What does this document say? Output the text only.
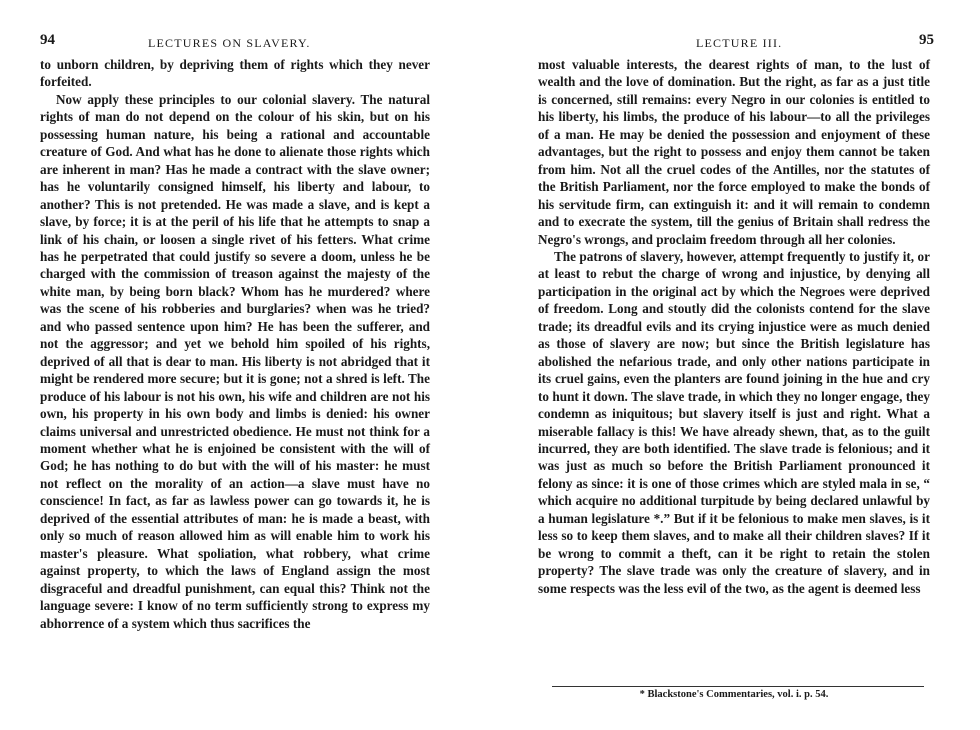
94	LECTURES ON SLAVERY.

to unborn children, by depriving them of rights which they never forfeited.

Now apply these principles to our colonial slavery. The natural rights of man do not depend on the colour of his skin, but on his possessing human nature, his being a rational and accountable creature of God. And what has he done to alienate those rights which are inherent in man? Has he made a contract with the slave owner; has he voluntarily consigned himself, his liberty and labour, to another? This is not pretended. He was made a slave, and is kept a slave, by force; it is at the peril of his life that he attempts to snap a link of his chain, or loosen a single rivet of his fetters. What crime has he perpetrated that could justify so severe a doom, unless he be charged with the commission of treason against the majesty of the white man, by being born black? Whom has he murdered? where was the scene of his robberies and burglaries? when was he tried? and who passed sentence upon him? He has been the sufferer, and not the aggressor; and yet we behold him spoiled of his rights, deprived of all that is dear to man. His liberty is not abridged that it might be rendered more secure; but it is gone; not a shred is left. The produce of his labour is not his own, his wife and children are not his own, his property in his own body and limbs is denied: his owner claims universal and unrestricted obedience. He must not think for a moment whether what he is enjoined be consistent with the will of God; he has nothing to do but with the will of his master: he must not reflect on the morality of an action—a slave must have no conscience! In fact, as far as lawless power can go towards it, he is deprived of the essential attributes of man: he is made a beast, with only so much of reason allowed him as will enable him to work his master's pleasure. What spoliation, what robbery, what crime against property, to which the laws of England assign the most disgraceful and dreadful punishment, can equal this? Think not the language severe: I know of no term sufficiently strong to express my abhorrence of a system which thus sacrifices the

LECTURE III.	95

most valuable interests, the dearest rights of man, to the lust of wealth and the love of domination. But the right, as far as a just title is concerned, still remains: every Negro in our colonies is entitled to his liberty, his limbs, the produce of his labour—to all the privileges of a man. He may be denied the possession and enjoyment of these advantages, but the right to possess and enjoy them cannot be taken from him. Not all the cruel codes of the Antilles, nor the statutes of the British Parliament, nor the force employed to make the bonds of his servitude firm, can extinguish it: and it will remain to condemn and to execrate the system, till the genius of Britain shall redress the Negro's wrongs, and proclaim freedom through all her colonies.

The patrons of slavery, however, attempt frequently to justify it, or at least to rebut the charge of wrong and injustice, by denying all participation in the original act by which the Negroes were deprived of freedom. Long and stoutly did the colonists contend for the slave trade; its dreadful evils and its crying injustice were as much denied as those of slavery are now; but since the British legislature has abolished the nefarious trade, and only other nations participate in its cruel gains, even the planters are found joining in the hue and cry to hunt it down. The slave trade, in which they no longer engage, they condemn as iniquitous; but slavery itself is just and right. What a miserable fallacy is this! We have already shewn, that, as to the guilt incurred, they are both identified. The slave trade is felonious; and it was just as much so before the British Parliament pronounced it felony as since: it is one of those crimes which are styled mala in se, “ which acquire no additional turpitude by being declared unlawful by a human legislature *.” But if it be felonious to make men slaves, is it less so to keep them slaves, and to make all their children slaves? If it be wrong to commit a theft, can it be right to retain the stolen property? The slave trade was only the creature of slavery, and in some respects was the less evil of the two, as the agent is deemed less

* Blackstone's Commentaries, vol. i. p. 54.
